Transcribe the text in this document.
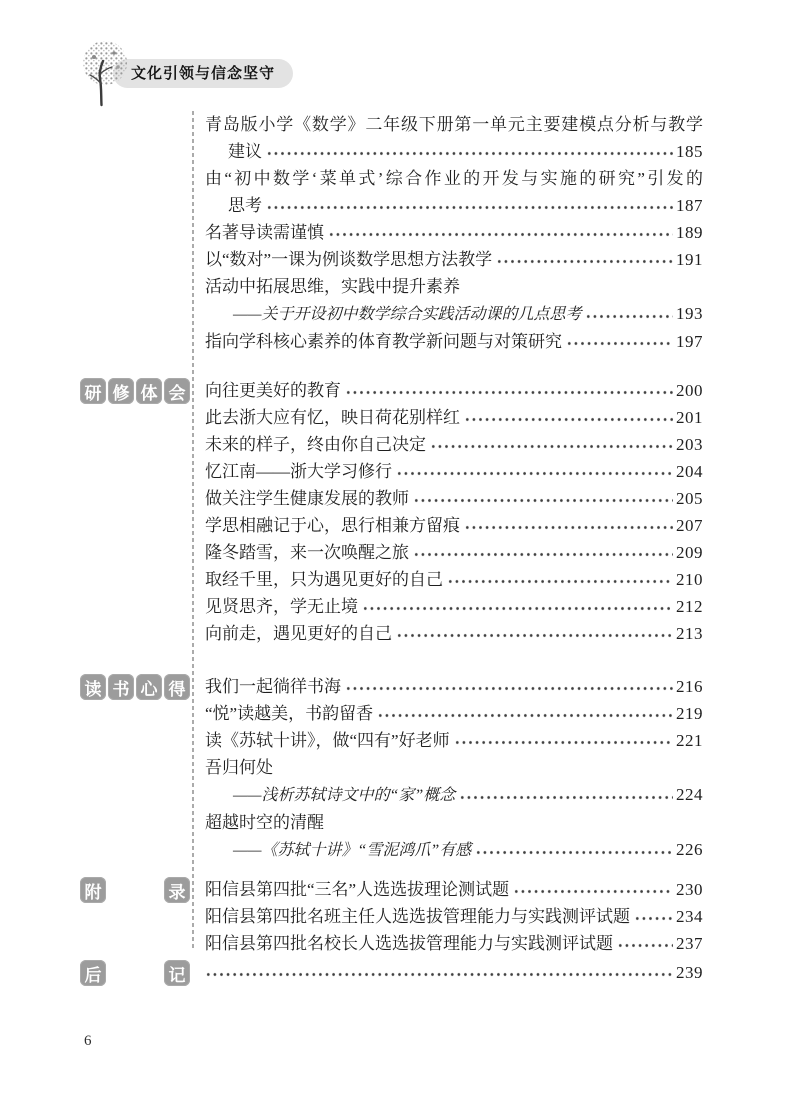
文化引领与信念坚守
青岛版小学《数学》二年级下册第一单元主要建模点分析与教学
建议	185
由“初中数学‘菜单式’综合作业的开发与实施的研究”引发的
思考	187
名著导读需谨慎	189
以“数对”一课为例谈数学思想方法教学	191
活动中拓展思维，实践中提升素养
——关于开设初中数学综合实践活动课的几点思考	193
指向学科核心素养的体育教学新问题与对策研究	197
研 修 体 会 向往更美好的教育	200
此去浙大应有忆，映日荷花别样红	201
未来的样子，终由你自己决定	203
忆江南——浙大学习修行	204
做关注学生健康发展的教师	205
学思相融记于心，思行相兼方留痕	207
隆冬踏雪，来一次唤醒之旅	209
取经千里，只为遇见更好的自己	210
见贤思齐，学无止境	212
向前走，遇见更好的自己	213
读 书 心 得 我们一起徜徉书海	216
“悦”读越美，书韵留香	219
读《苏轼十讲》，做“四有”好老师	221
吾归何处
——浅析苏轼诗文中的“家”概念	224
超越时空的清醒
——《苏轼十讲》“雪泥鸿爪”有感	226
附	录 阳信县第四批“三名”人选选拔理论测试题	230
阳信县第四批名班主任人选选拔管理能力与实践测评试题	234
阳信县第四批名校长人选选拔管理能力与实践测评试题	237
后	记	239
6
